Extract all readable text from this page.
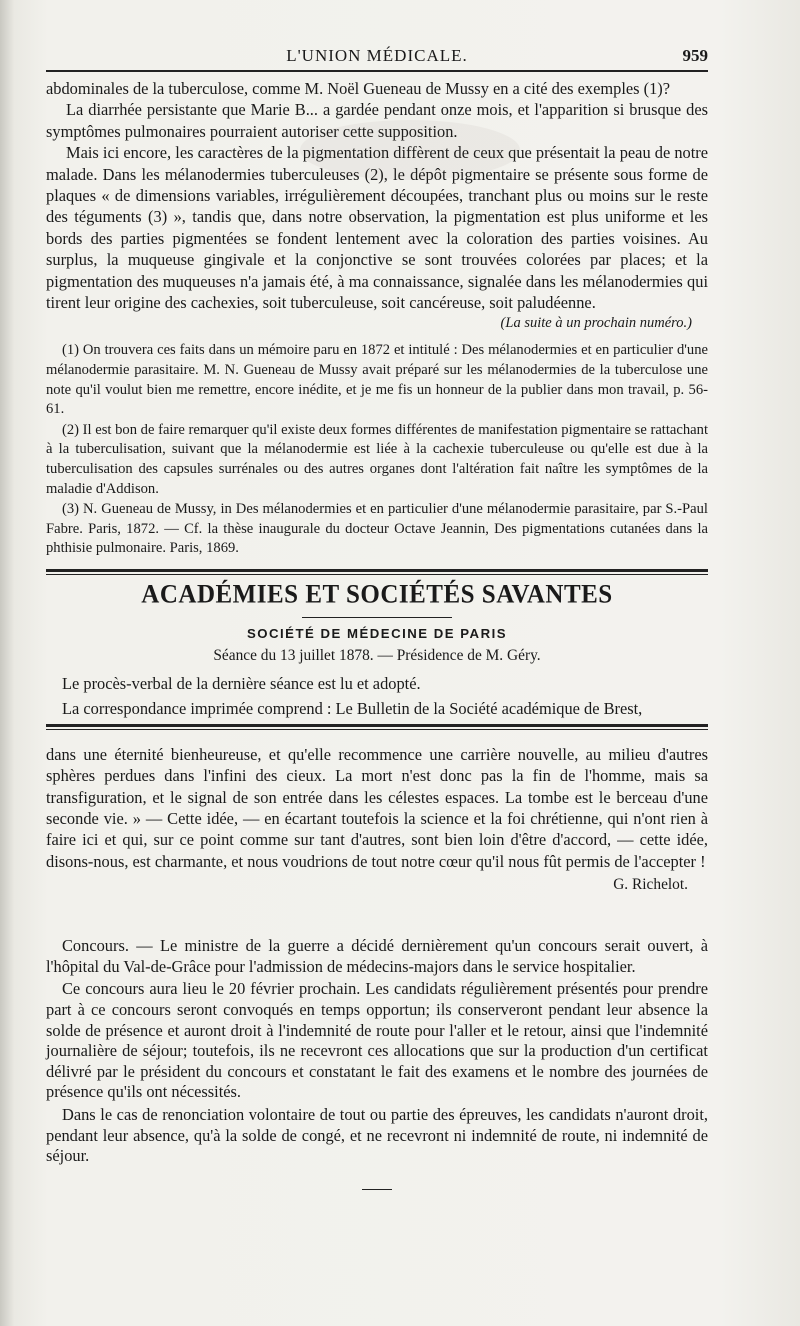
L'UNION MÉDICALE.	959

abdominales de la tuberculose, comme M. Noël Gueneau de Mussy en a cité des exemples (1)?

La diarrhée persistante que Marie B... a gardée pendant onze mois, et l'apparition si brusque des symptômes pulmonaires pourraient autoriser cette supposition.

Mais ici encore, les caractères de la pigmentation diffèrent de ceux que présentait la peau de notre malade. Dans les mélanodermies tuberculeuses (2), le dépôt pigmentaire se présente sous forme de plaques « de dimensions variables, irrégulièrement découpées, tranchant plus ou moins sur le reste des téguments (3) », tandis que, dans notre observation, la pigmentation est plus uniforme et les bords des parties pigmentées se fondent lentement avec la coloration des parties voisines. Au surplus, la muqueuse gingivale et la conjonctive se sont trouvées colorées par places; et la pigmentation des muqueuses n'a jamais été, à ma connaissance, signalée dans les mélanodermies qui tirent leur origine des cachexies, soit tuberculeuse, soit cancéreuse, soit paludéenne.

(La suite à un prochain numéro.)

(1) On trouvera ces faits dans un mémoire paru en 1872 et intitulé : Des mélanodermies et en particulier d'une mélanodermie parasitaire. M. N. Gueneau de Mussy avait préparé sur les mélanodermies de la tuberculose une note qu'il voulut bien me remettre, encore inédite, et je me fis un honneur de la publier dans mon travail, p. 56-61.

(2) Il est bon de faire remarquer qu'il existe deux formes différentes de manifestation pigmentaire se rattachant à la tuberculisation, suivant que la mélanodermie est liée à la cachexie tuberculeuse ou qu'elle est due à la tuberculisation des capsules surrénales ou des autres organes dont l'altération fait naître les symptômes de la maladie d'Addison.

(3) N. Gueneau de Mussy, in Des mélanodermies et en particulier d'une mélanodermie parasitaire, par S.-Paul Fabre. Paris, 1872. — Cf. la thèse inaugurale du docteur Octave Jeannin, Des pigmentations cutanées dans la phthisie pulmonaire. Paris, 1869.

ACADÉMIES ET SOCIÉTÉS SAVANTES
SOCIÉTÉ DE MÉDECINE DE PARIS
Séance du 13 juillet 1878. — Présidence de M. Géry.

Le procès-verbal de la dernière séance est lu et adopté.

La correspondance imprimée comprend : Le Bulletin de la Société académique de Brest,

dans une éternité bienheureuse, et qu'elle recommence une carrière nouvelle, au milieu d'autres sphères perdues dans l'infini des cieux. La mort n'est donc pas la fin de l'homme, mais sa transfiguration, et le signal de son entrée dans les célestes espaces. La tombe est le berceau d'une seconde vie. » — Cette idée, — en écartant toutefois la science et la foi chrétienne, qui n'ont rien à faire ici et qui, sur ce point comme sur tant d'autres, sont bien loin d'être d'accord, — cette idée, disons-nous, est charmante, et nous voudrions de tout notre cœur qu'il nous fût permis de l'accepter !
G. Richelot.

Concours. — Le ministre de la guerre a décidé dernièrement qu'un concours serait ouvert, à l'hôpital du Val-de-Grâce pour l'admission de médecins-majors dans le service hospitalier.

Ce concours aura lieu le 20 février prochain. Les candidats régulièrement présentés pour prendre part à ce concours seront convoqués en temps opportun; ils conserveront pendant leur absence la solde de présence et auront droit à l'indemnité de route pour l'aller et le retour, ainsi que l'indemnité journalière de séjour; toutefois, ils ne recevront ces allocations que sur la production d'un certificat délivré par le président du concours et constatant le fait des examens et le nombre des journées de présence qu'ils ont nécessités.

Dans le cas de renonciation volontaire de tout ou partie des épreuves, les candidats n'auront droit, pendant leur absence, qu'à la solde de congé, et ne recevront ni indemnité de route, ni indemnité de séjour.
